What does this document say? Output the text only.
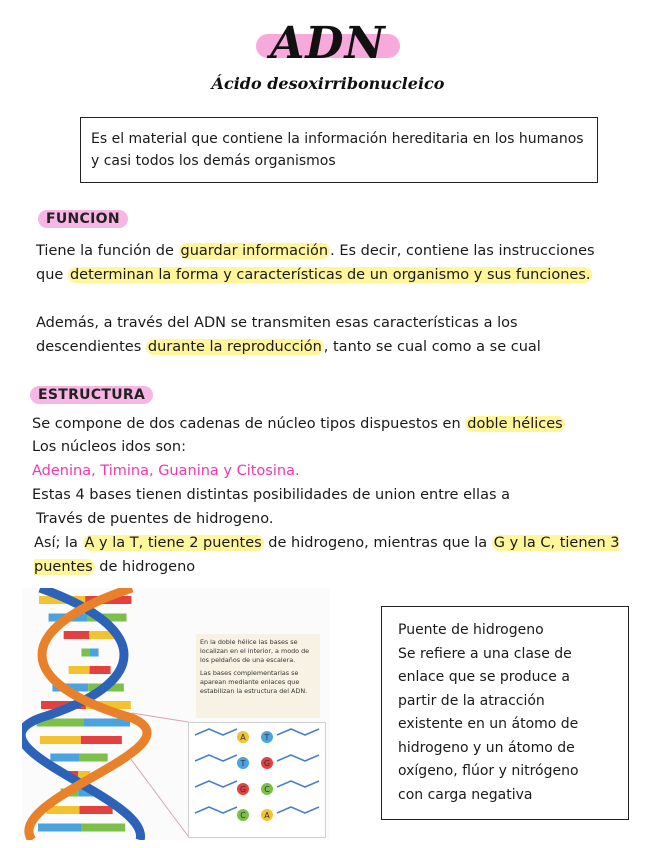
ADN
Ácido desoxirribonucleico
Es el material que contiene la información hereditaria en los humanos y casi todos los demás organismos
FUNCION
Tiene la función de guardar información . Es decir, contiene las instrucciones que determinan la forma y características de un organismo y sus funciones.
Además, a través del ADN se transmiten esas características a los descendientes durante la reproducción , tanto se cual como a se cual
ESTRUCTURA
Se compone de dos cadenas de núcleo tipos dispuestos en doble hélices
Los núcleos idos son:
Adenina, Timina, Guanina y Citosina.
Estas 4 bases tienen distintas posibilidades de union entre ellas a
Través de puentes de hidrogeno.
Así; la A y la T, tiene 2 puentes de hidrogeno, mientras que la G y la C, tienen 3 puentes de hidrogeno
En la doble hélice las bases se localizan en el interior, a modo de los peldaños de una escalera.
Las bases complementarias se aparean mediante enlaces que estabilizan la estructura del ADN.
A T
T G
G C
C A
Puente de hidrogeno
Se refiere a una clase de
enlace que se produce a
partir de la atracción
existente en un átomo de
hidrogeno y un átomo de
oxígeno, flúor y nitrógeno
con carga negativa
